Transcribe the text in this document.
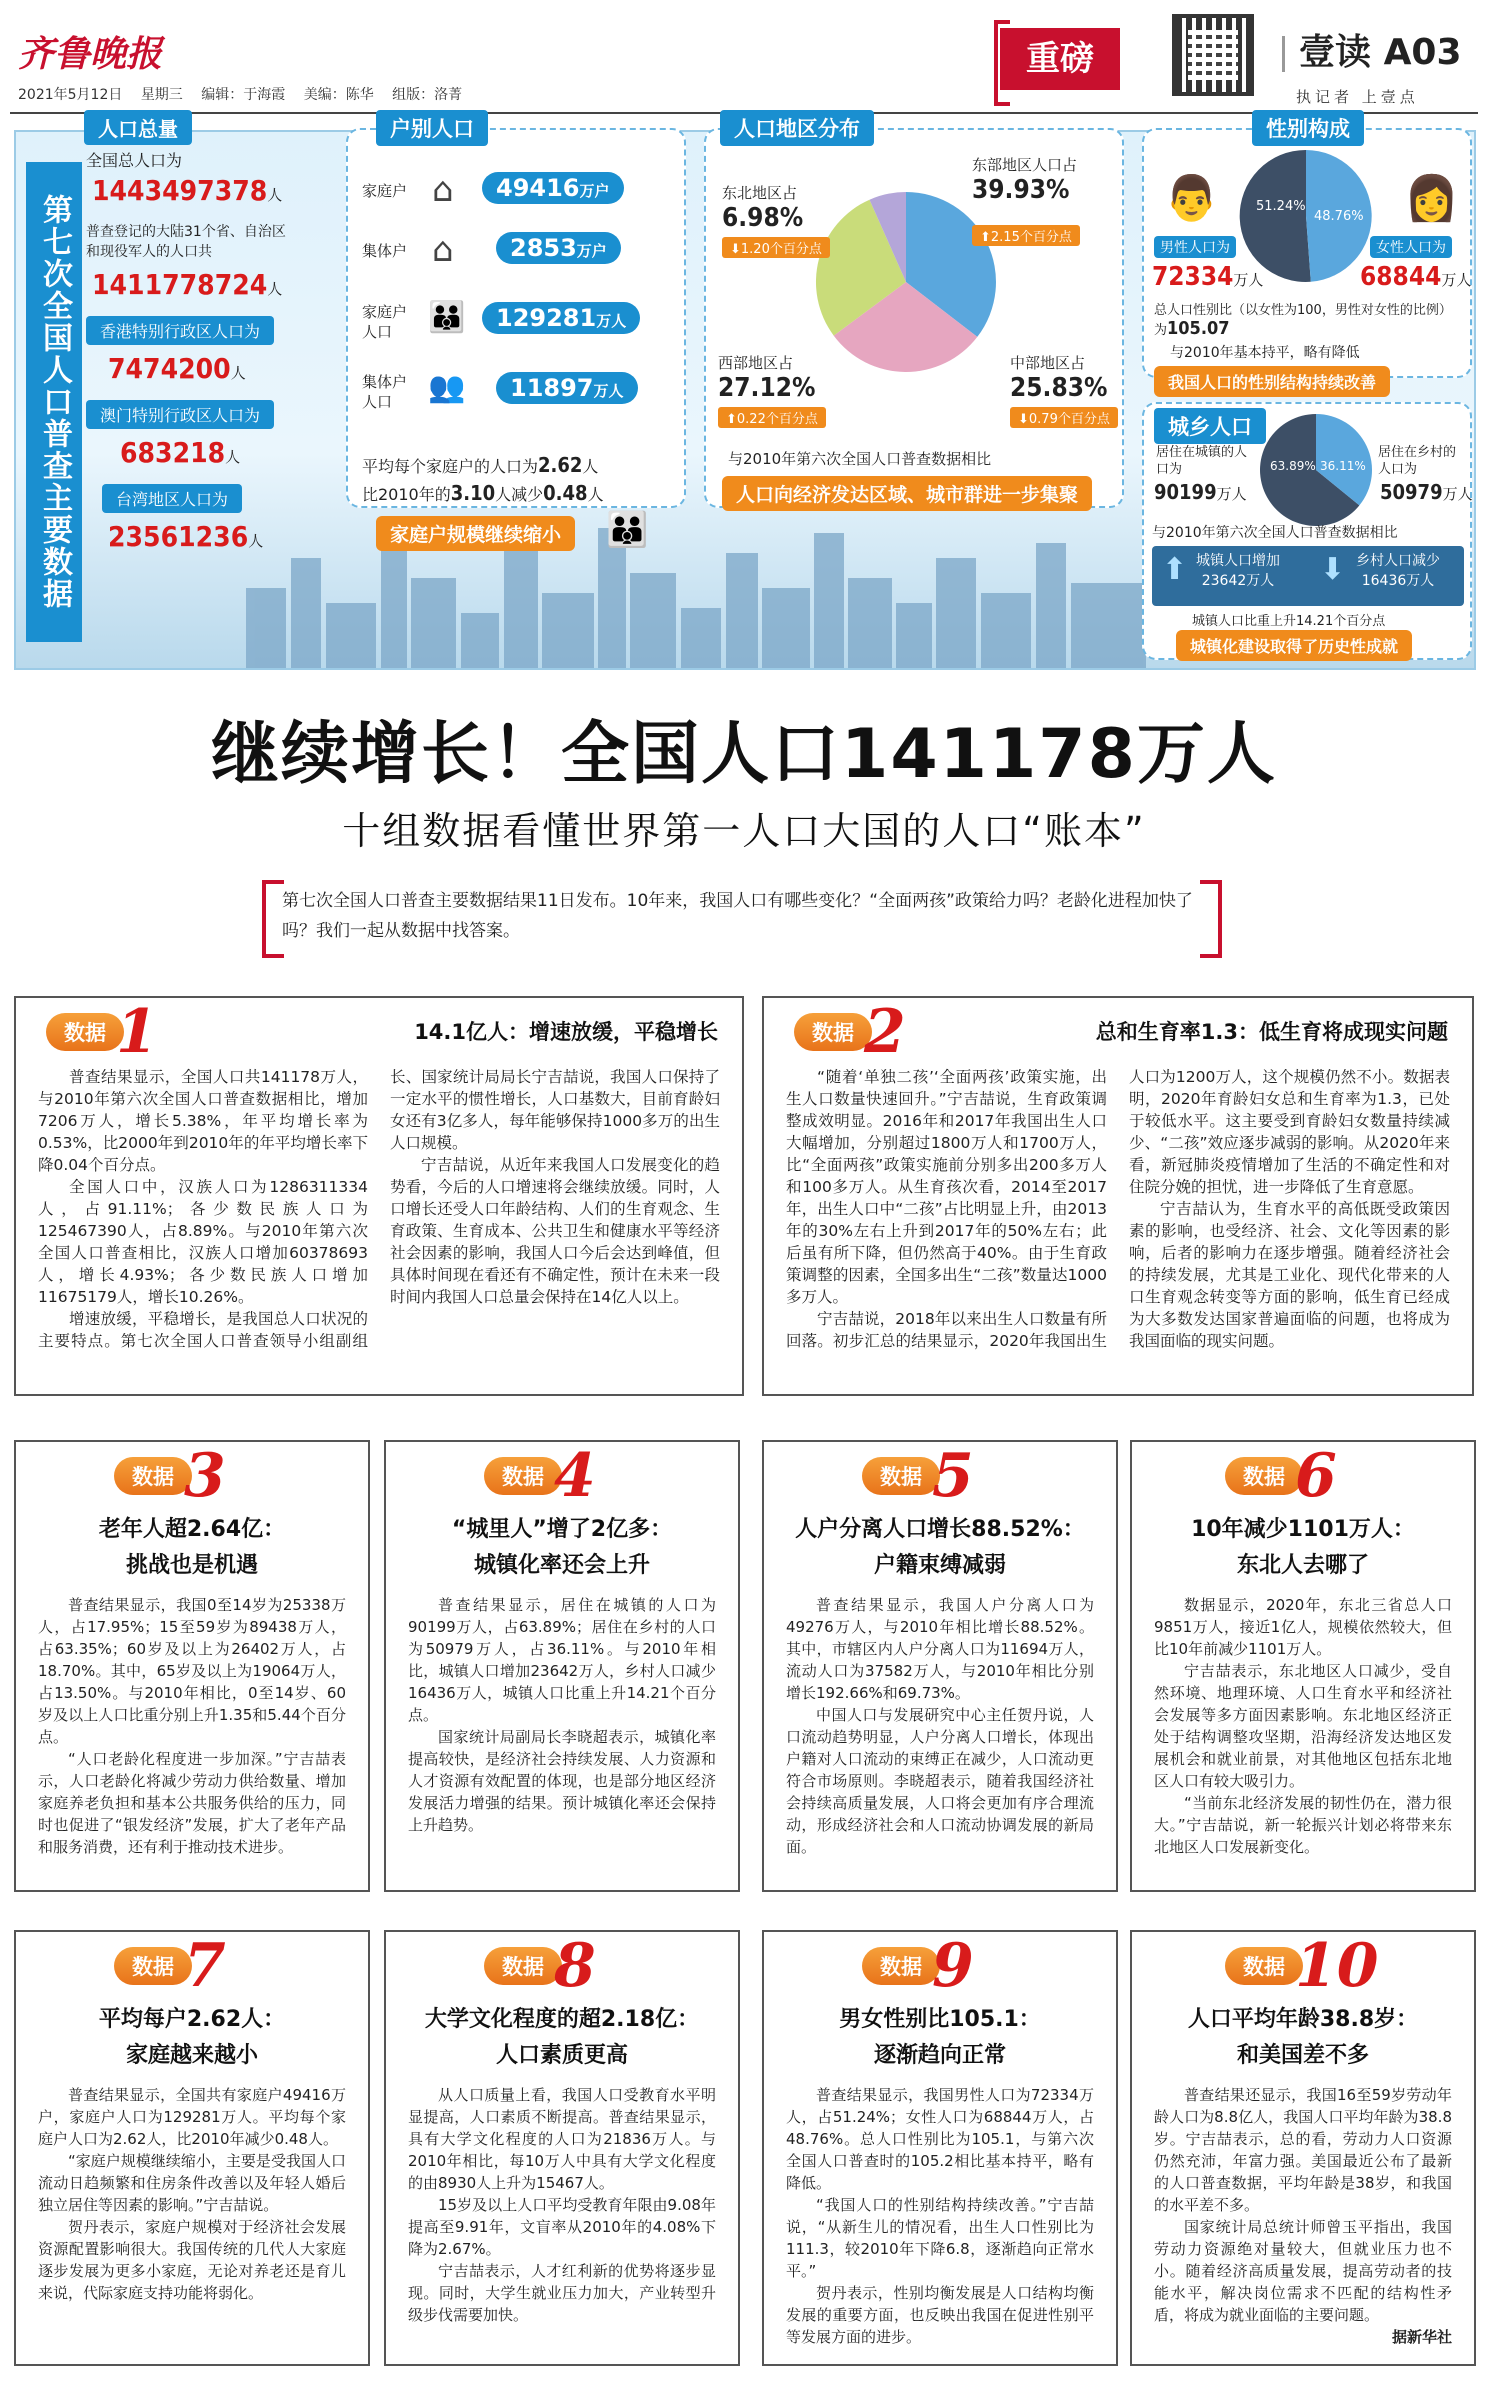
齐鲁晚报
2021年5月12日 星期三 编辑：于海霞 美编：陈华 组版：洛菁
重磅	壹读 A03
执记者 上壹点
第七次全国人口普查主要数据
人口总量
全国总人口为
1443497378人
普查登记的大陆31个省、自治区和现役军人的人口共
1411778724人
香港特别行政区人口为
7474200人
澳门特别行政区人口为
683218人
台湾地区人口为
23561236人
户别人口
家庭户 ⌂	49416万户
集体户 ⌂	2853万户
家庭户人口	👪	129281万人
集体户人口	👥	11897万人
平均每个家庭户的人口为2.62人
比2010年的3.10人减少0.48人
家庭户规模继续缩小	👪
人口地区分布
东北地区占
6.98%
⬇1.20个百分点
东部地区人口占
39.93%
⬆2.15个百分点
西部地区占
27.12%
⬆0.22个百分点
中部地区占
25.83%
⬇0.79个百分点
与2010年第六次全国人口普查数据相比
人口向经济发达区域、城市群进一步集聚
性别构成
51.24%
48.76%
👨	👩
男性人口为	女性人口为
72334万人	68844万人
总人口性别比（以女性为100，男性对女性的比例）为105.07
与2010年基本持平，略有降低
我国人口的性别结构持续改善
城乡人口
63.89% 36.11%
居住在城镇的人口为
90199万人
居住在乡村的人口为
50979万人
与2010年第六次全国人口普查数据相比
⬆ 城镇人口增加
23642万人 ⬇ 乡村人口减少
16436万人
城镇人口比重上升14.21个百分点
城镇化建设取得了历史性成就
继续增长！全国人口141178万人
十组数据看懂世界第一人口大国的人口“账本”
第七次全国人口普查主要数据结果11日发布。10年来，我国人口有哪些变化？“全面两孩”政策给力吗？老龄化进程加快了吗？我们一起从数据中找答案。
数据 1	14.1亿人：增速放缓，平稳增长

普查结果显示，全国人口共141178万人，与2010年第六次全国人口普查数据相比，增加7206万人，增长5.38%，年平均增长率为0.53%，比2000年到2010年的年平均增长率下降0.04个百分点。

全国人口中，汉族人口为1286311334人，占91.11%；各少数民族人口为125467390人，占8.89%。与2010年第六次全国人口普查相比，汉族人口增加60378693人，增长4.93%；各少数民族人口增加11675179人，增长10.26%。

增速放缓，平稳增长，是我国总人口状况的主要特点。第七次全国人口普查领导小组副组长、国家统计局局长宁吉喆说，我国人口保持了一定水平的惯性增长，人口基数大，目前育龄妇女还有3亿多人，每年能够保持1000多万的出生人口规模。

宁吉喆说，从近年来我国人口发展变化的趋势看，今后的人口增速将会继续放缓。同时，人口增长还受人口年龄结构、人们的生育观念、生育政策、生育成本、公共卫生和健康水平等经济社会因素的影响，我国人口今后会达到峰值，但具体时间现在看还有不确定性，预计在未来一段时间内我国人口总量会保持在14亿人以上。

数据 2	总和生育率1.3：低生育将成现实问题

“随着‘单独二孩’‘全面两孩’政策实施，出生人口数量快速回升。”宁吉喆说，生育政策调整成效明显。2016年和2017年我国出生人口大幅增加，分别超过1800万人和1700万人，比“全面两孩”政策实施前分别多出200多万人和100多万人。从生育孩次看，2014至2017年，出生人口中“二孩”占比明显上升，由2013年的30%左右上升到2017年的50%左右；此后虽有所下降，但仍然高于40%。由于生育政策调整的因素，全国多出生“二孩”数量达1000多万人。

宁吉喆说，2018年以来出生人口数量有所回落。初步汇总的结果显示，2020年我国出生人口为1200万人，这个规模仍然不小。数据表明，2020年育龄妇女总和生育率为1.3，已处于较低水平。这主要受到育龄妇女数量持续减少、“二孩”效应逐步减弱的影响。从2020年来看，新冠肺炎疫情增加了生活的不确定性和对住院分娩的担忧，进一步降低了生育意愿。

宁吉喆认为，生育水平的高低既受政策因素的影响，也受经济、社会、文化等因素的影响，后者的影响力在逐步增强。随着经济社会的持续发展，尤其是工业化、现代化带来的人口生育观念转变等方面的影响，低生育已经成为大多数发达国家普遍面临的问题，也将成为我国面临的现实问题。

数据 3
老年人超2.64亿：
挑战也是机遇

普查结果显示，我国0至14岁为25338万人，占17.95%；15至59岁为89438万人，占63.35%；60岁及以上为26402万人，占18.70%。其中，65岁及以上为19064万人，占13.50%。与2010年相比，0至14岁、60岁及以上人口比重分别上升1.35和5.44个百分点。

“人口老龄化程度进一步加深。”宁吉喆表示，人口老龄化将减少劳动力供给数量、增加家庭养老负担和基本公共服务供给的压力，同时也促进了“银发经济”发展，扩大了老年产品和服务消费，还有利于推动技术进步。

数据 4
“城里人”增了2亿多：
城镇化率还会上升

普查结果显示，居住在城镇的人口为90199万人，占63.89%；居住在乡村的人口为50979万人，占36.11%。与2010年相比，城镇人口增加23642万人，乡村人口减少16436万人，城镇人口比重上升14.21个百分点。

国家统计局副局长李晓超表示，城镇化率提高较快，是经济社会持续发展、人力资源和人才资源有效配置的体现，也是部分地区经济发展活力增强的结果。预计城镇化率还会保持上升趋势。

数据 5
人户分离人口增长88.52%：
户籍束缚减弱

普查结果显示，我国人户分离人口为49276万人，与2010年相比增长88.52%。其中，市辖区内人户分离人口为11694万人，流动人口为37582万人，与2010年相比分别增长192.66%和69.73%。

中国人口与发展研究中心主任贺丹说，人口流动趋势明显，人户分离人口增长，体现出户籍对人口流动的束缚正在减少，人口流动更符合市场原则。李晓超表示，随着我国经济社会持续高质量发展，人口将会更加有序合理流动，形成经济社会和人口流动协调发展的新局面。

数据 6
10年减少1101万人：
东北人去哪了

数据显示，2020年，东北三省总人口9851万人，接近1亿人，规模依然较大，但比10年前减少1101万人。

宁吉喆表示，东北地区人口减少，受自然环境、地理环境、人口生育水平和经济社会发展等多方面因素影响。东北地区经济正处于结构调整攻坚期，沿海经济发达地区发展机会和就业前景，对其他地区包括东北地区人口有较大吸引力。

“当前东北经济发展的韧性仍在，潜力很大。”宁吉喆说，新一轮振兴计划必将带来东北地区人口发展新变化。

数据 7
平均每户2.62人：
家庭越来越小

普查结果显示，全国共有家庭户49416万户，家庭户人口为129281万人。平均每个家庭户人口为2.62人，比2010年减少0.48人。

“家庭户规模继续缩小，主要是受我国人口流动日趋频繁和住房条件改善以及年轻人婚后独立居住等因素的影响。”宁吉喆说。

贺丹表示，家庭户规模对于经济社会发展资源配置影响很大。我国传统的几代人大家庭逐步发展为更多小家庭，无论对养老还是育儿来说，代际家庭支持功能将弱化。

数据 8
大学文化程度的超2.18亿：
人口素质更高

从人口质量上看，我国人口受教育水平明显提高，人口素质不断提高。普查结果显示，具有大学文化程度的人口为21836万人。与2010年相比，每10万人中具有大学文化程度的由8930人上升为15467人。

15岁及以上人口平均受教育年限由9.08年提高至9.91年，文盲率从2010年的4.08%下降为2.67%。

宁吉喆表示，人才红利新的优势将逐步显现。同时，大学生就业压力加大，产业转型升级步伐需要加快。

数据 9
男女性别比105.1：
逐渐趋向正常

普查结果显示，我国男性人口为72334万人，占51.24%；女性人口为68844万人，占48.76%。总人口性别比为105.1，与第六次全国人口普查时的105.2相比基本持平，略有降低。

“我国人口的性别结构持续改善。”宁吉喆说，“从新生儿的情况看，出生人口性别比为111.3，较2010年下降6.8，逐渐趋向正常水平。”

贺丹表示，性别均衡发展是人口结构均衡发展的重要方面，也反映出我国在促进性别平等发展方面的进步。

数据 10
人口平均年龄38.8岁：
和美国差不多

普查结果还显示，我国16至59岁劳动年龄人口为8.8亿人，我国人口平均年龄为38.8岁。宁吉喆表示，总的看，劳动力人口资源仍然充沛，年富力强。美国最近公布了最新的人口普查数据，平均年龄是38岁，和我国的水平差不多。

国家统计局总统计师曾玉平指出，我国劳动力资源绝对量较大，但就业压力也不小。随着经济高质量发展，提高劳动者的技能水平，解决岗位需求不匹配的结构性矛盾，将成为就业面临的主要问题。

据新华社
